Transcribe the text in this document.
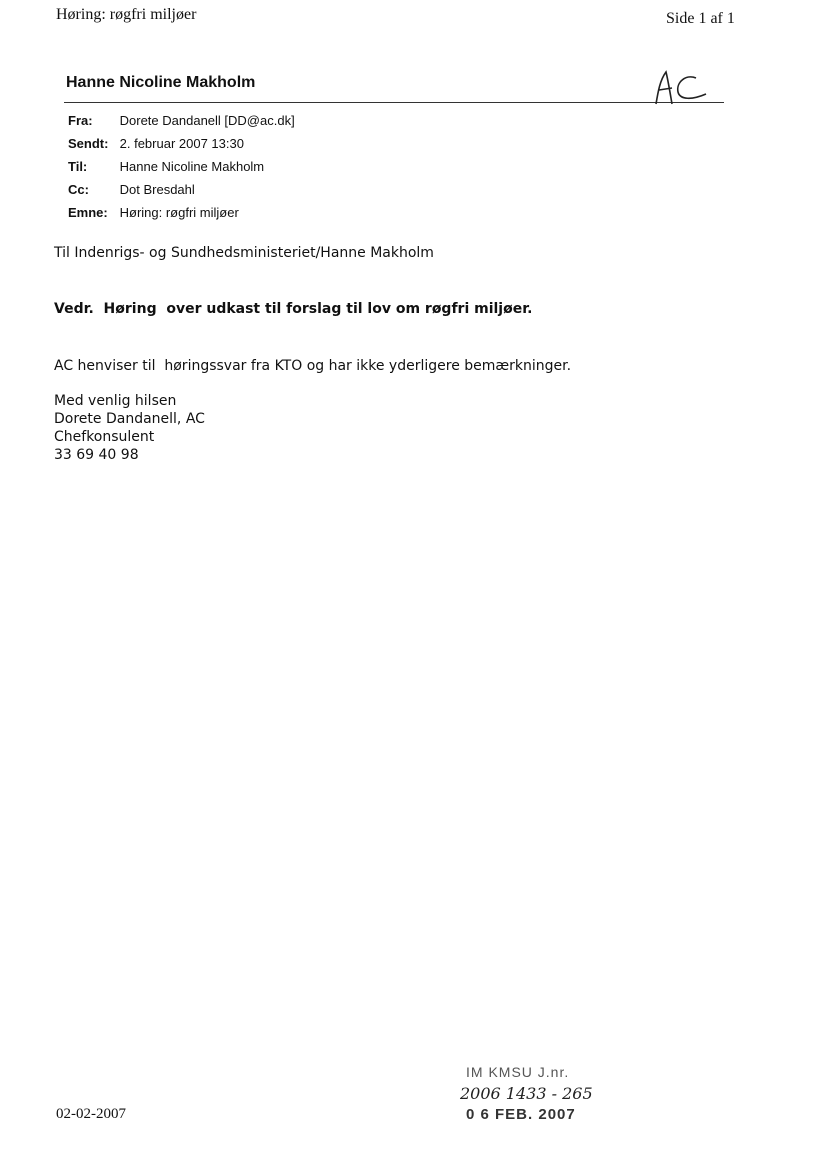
Høring: røgfri miljøer	Side 1 af 1
Hanne Nicoline Makholm
Fra: Dorete Dandanell [DD@ac.dk]
Sendt: 2. februar 2007 13:30
Til: Hanne Nicoline Makholm
Cc: Dot Bresdahl
Emne: Høring: røgfri miljøer
Til Indenrigs- og Sundhedsministeriet/Hanne Makholm
Vedr.  Høring  over udkast til forslag til lov om røgfri miljøer.
AC henviser til  høringssvar fra KTO og har ikke yderligere bemærkninger.
Med venlig hilsen
Dorete Dandanell, AC
Chefkonsulent
33 69 40 98
02-02-2007
IM KMSU J.nr.
2006 1433 - 265
0 6 FEB. 2007
